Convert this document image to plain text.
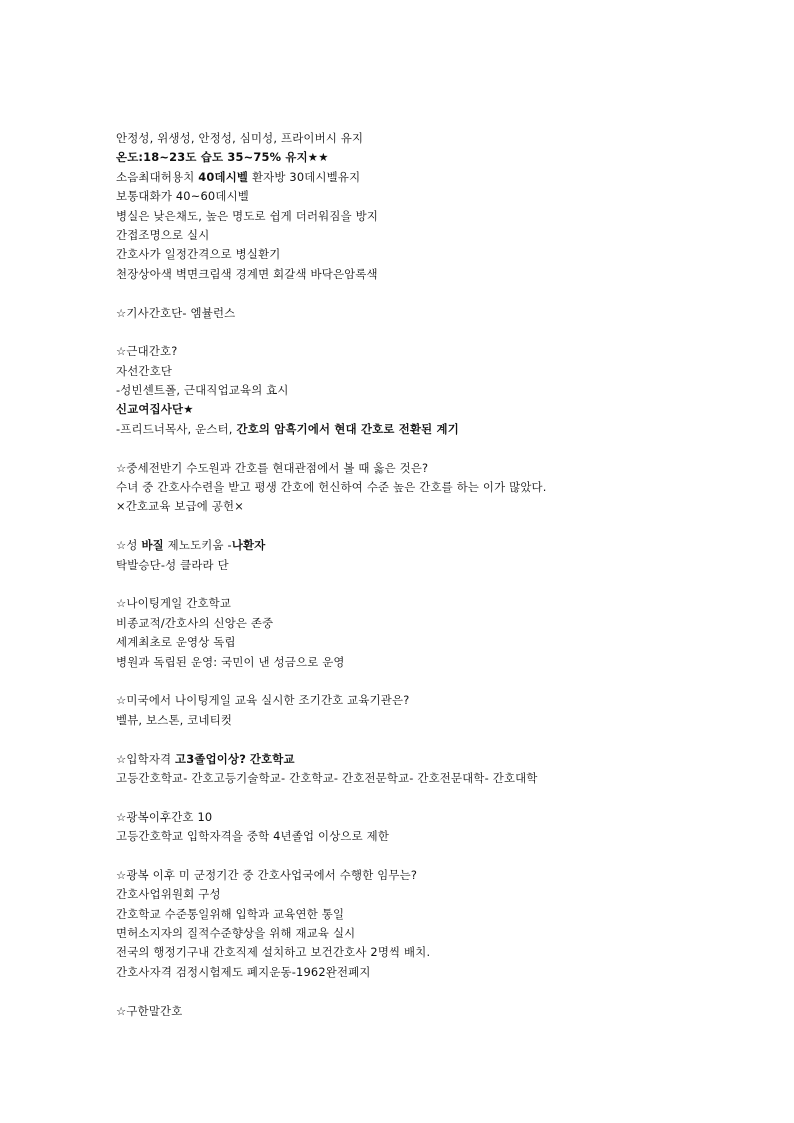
안정성, 위생성, 안정성, 심미성, 프라이버시 유지
온도:18~23도 습도 35~75% 유지★★
소음최대허용치 40데시벨 환자방 30데시벨유지
보통대화가 40~60데시벨
병실은 낮은채도, 높은 명도로 쉽게 더러워짐을 방지
간접조명으로 실시
간호사가 일정간격으로 병실환기
천장상아색 벽면크림색 경계면 회갈색 바닥은암록색
☆기사간호단- 엠뷸런스
☆근대간호?
자선간호단
-성빈센트폴, 근대직업교육의 효시
신교여집사단★
-프리드너목사, 운스터, 간호의 암흑기에서 현대 간호로 전환된 계기
☆중세전반기 수도원과 간호를 현대관점에서 볼 때 옳은 것은?
수녀 중 간호사수련을 받고 평생 간호에 헌신하여 수준 높은 간호를 하는 이가 많았다.
×간호교육 보급에 공헌×
☆성 바질 제노도키움 -나환자
탁발승단-성 클라라 단
☆나이팅게일 간호학교
비종교적/간호사의 신앙은 존중
세계최초로 운영상 독립
병원과 독립된 운영: 국민이 낸 성금으로 운영
☆미국에서 나이팅게일 교육 실시한 조기간호 교육기관은?
벨뷰, 보스톤, 코네티컷
☆입학자격 고3졸업이상? 간호학교
고등간호학교- 간호고등기술학교- 간호학교- 간호전문학교- 간호전문대학- 간호대학
☆광복이후간호 10
고등간호학교 입학자격을 중학 4년졸업 이상으로 제한
☆광복 이후 미 군정기간 중 간호사업국에서 수행한 임무는?
간호사업위원회 구성
간호학교 수준통일위해 입학과 교육연한 통일
면허소지자의 질적수준향상을 위해 재교육 실시
전국의 행정기구내 간호직제 설치하고 보건간호사 2명씩 배치.
간호사자격 검정시험제도 폐지운동-1962완전폐지
☆구한말간호
